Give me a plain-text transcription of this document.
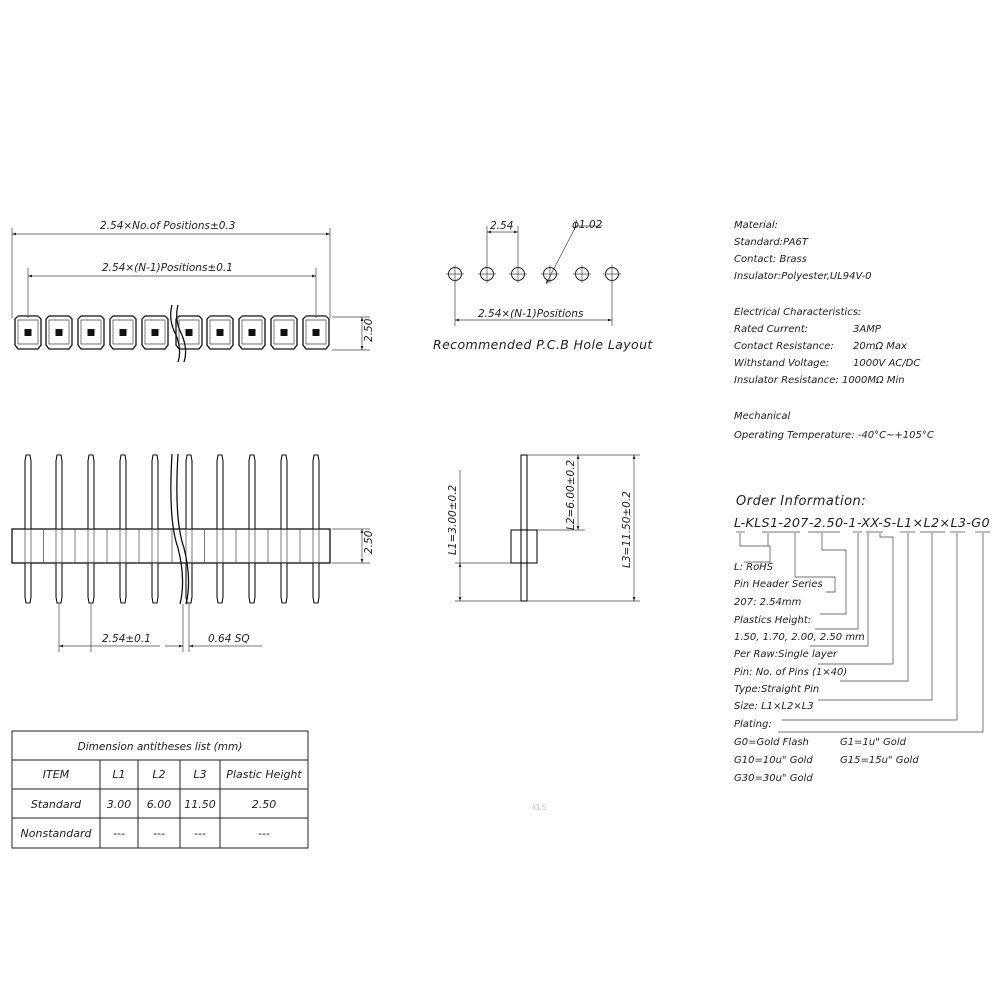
2.54×No.of Positions±0.3
2.54×(N-1)Positions±0.1
2.50
2.54	ϕ1.02
2.54×(N-1)Positions
Recommended P.C.B Hole Layout
2.50
2.54±0.1	0.64 SQ
L1=3.00±0.2	L2=6.00±0.2	L3=11.50±0.2
Material:
Standard:PA6T
Contact: Brass
Insulator:Polyester,UL94V-0
Electrical Characteristics:
Rated Current:	3AMP
Contact Resistance: 20mΩ Max
Withstand Voltage: 1000V AC/DC
Insulator Resistance: 1000MΩ Min
Mechanical
Operating Temperature: -40°C~+105°C
Order Information:
L-KLS1-207-2.50-1-XX-S-L1×L2×L3-G0
L: RoHS
Pin Header Series
207: 2.54mm
Plastics Height:
1.50, 1.70, 2.00, 2.50 mm
Per Raw:Single layer
Pin: No. of Pins (1×40)
Type:Straight Pin
Size: L1×L2×L3
Plating:
G0=Gold Flash	G1=1u" Gold
G10=10u" Gold	G15=15u" Gold
G30=30u" Gold
KLS
Dimension antitheses list (mm)
ITEM	L1 L2	L3 Plastic Height
Standard 3.00 6.00 11.50	2.50
Nonstandard ---	---	---	---
